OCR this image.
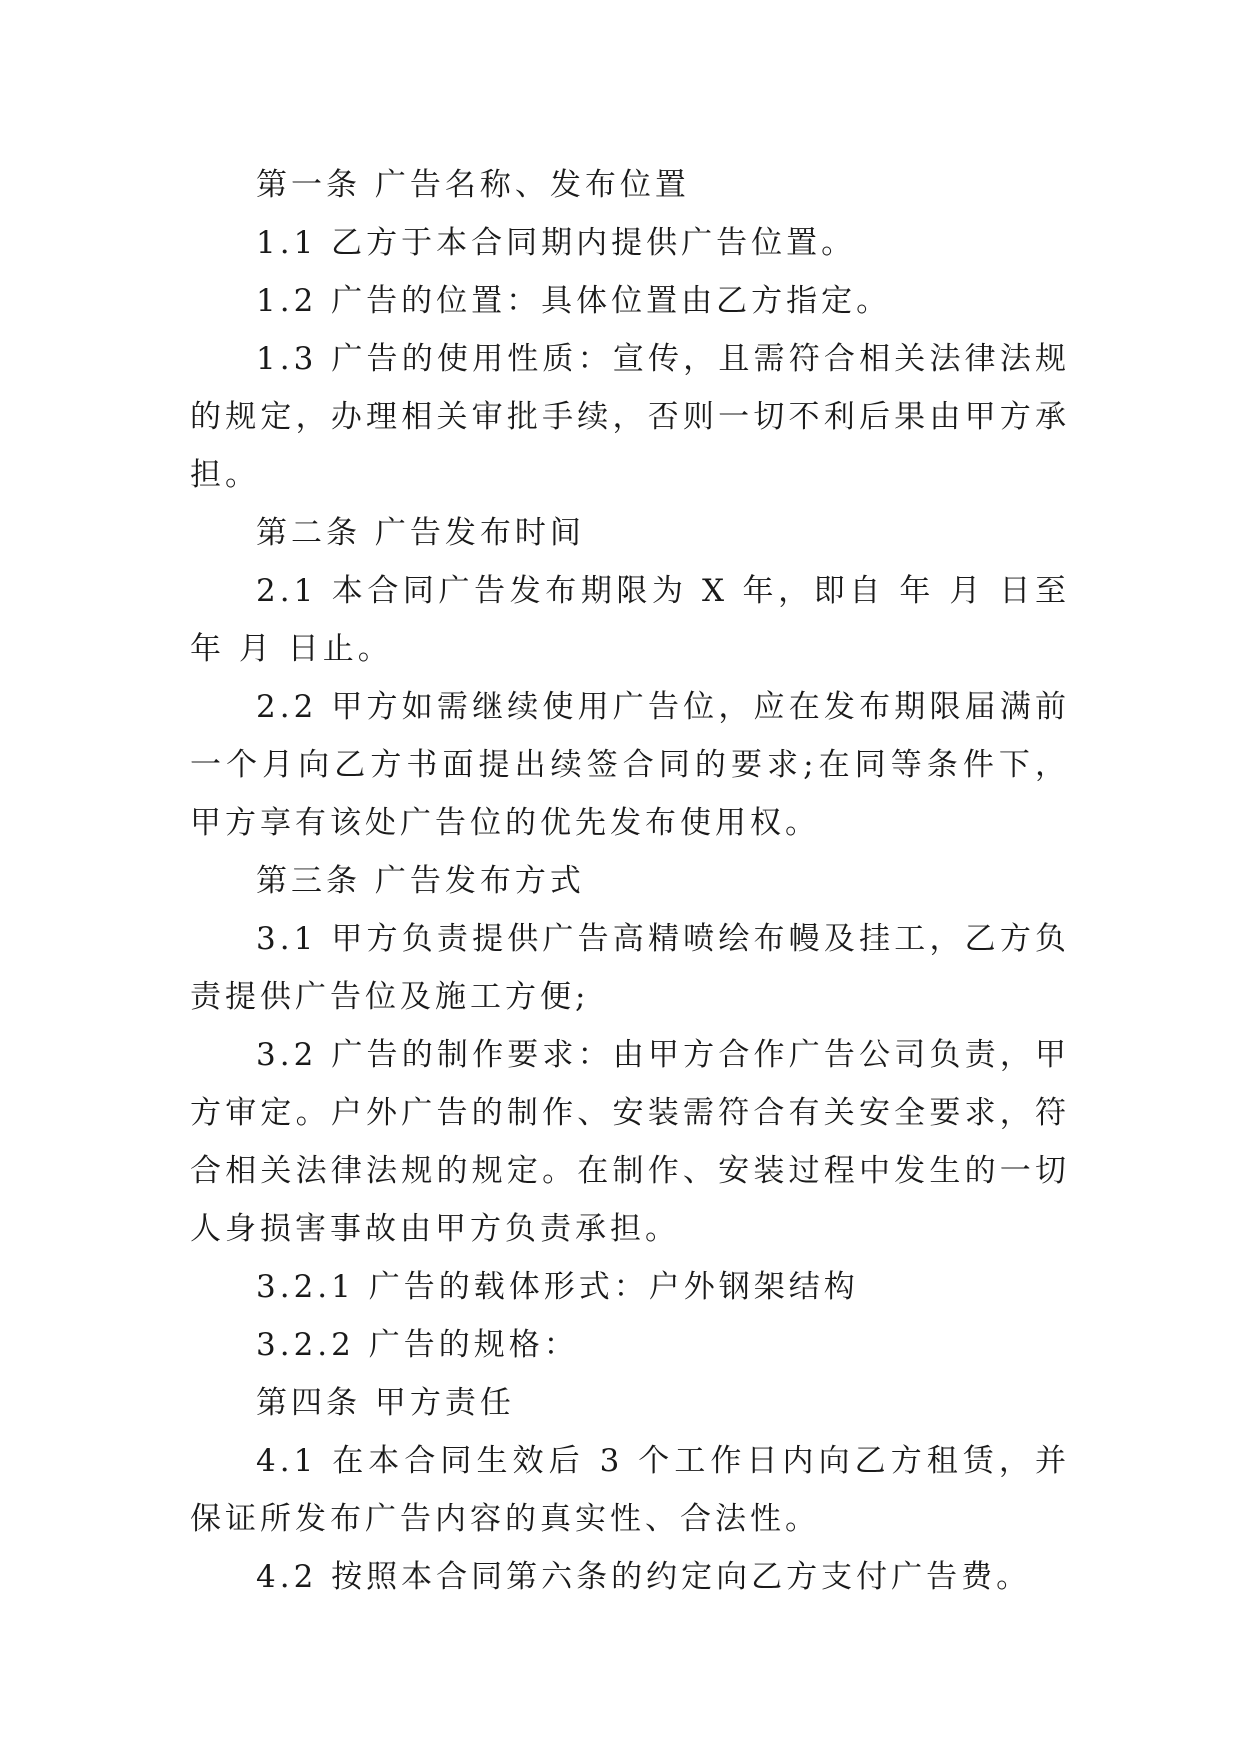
第一条 广告名称、发布位置

1.1 乙方于本合同期内提供广告位置。

1.2 广告的位置：具体位置由乙方指定。

1.3 广告的使用性质：宣传，且需符合相关法律法规的规定，办理相关审批手续，否则一切不利后果由甲方承担。

第二条 广告发布时间

2.1 本合同广告发布期限为 X 年，即自 年 月 日至 年 月 日止。

2.2 甲方如需继续使用广告位，应在发布期限届满前一个月向乙方书面提出续签合同的要求;在同等条件下，甲方享有该处广告位的优先发布使用权。

第三条 广告发布方式

3.1 甲方负责提供广告高精喷绘布幔及挂工，乙方负责提供广告位及施工方便;

3.2 广告的制作要求：由甲方合作广告公司负责，甲方审定。户外广告的制作、安装需符合有关安全要求，符合相关法律法规的规定。在制作、安装过程中发生的一切人身损害事故由甲方负责承担。

3.2.1 广告的载体形式：户外钢架结构

3.2.2 广告的规格：

第四条 甲方责任

4.1 在本合同生效后 3 个工作日内向乙方租赁，并保证所发布广告内容的真实性、合法性。

4.2 按照本合同第六条的约定向乙方支付广告费。
